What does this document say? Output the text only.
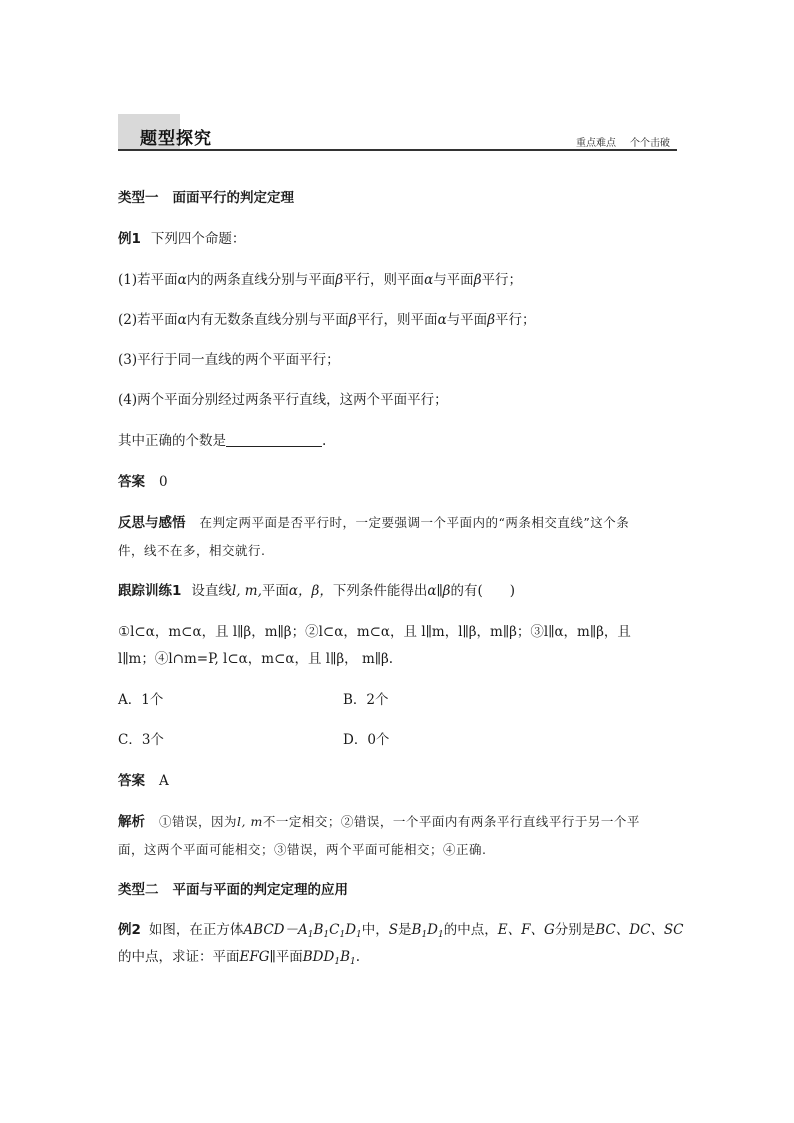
题型探究	重点难点 个个击破
类型一 面面平行的判定定理
例1 下列四个命题：
(1)若平面α内的两条直线分别与平面β平行，则平面α与平面β平行；
(2)若平面α内有无数条直线分别与平面β平行，则平面α与平面β平行；
(3)平行于同一直线的两个平面平行；
(4)两个平面分别经过两条平行直线，这两个平面平行；
其中正确的个数是	.
答案 0
反思与感悟 在判定两平面是否平行时，一定要强调一个平面内的“两条相交直线”这个条
件，线不在多，相交就行.
跟踪训练1 设直线l, m,平面α，β，下列条件能得出α∥β的有(　　)
①l⊂α，m⊂α，且 l∥β，m∥β；②l⊂α，m⊂α，且 l∥m，l∥β，m∥β；③l∥α，m∥β，且
l∥m；④l∩m=P, l⊂α，m⊂α，且 l∥β， m∥β.
A．1个	B．2个
C．3个	D．0个
答案 A
解析 ①错误，因为l, m不一定相交；②错误，一个平面内有两条平行直线平行于另一个平
面，这两个平面可能相交；③错误，两个平面可能相交；④正确.
类型二 平面与平面的判定定理的应用
例2 如图，在正方体$ABCD-A_1B_1C_1D_1$中，S是$B_1D_1$的中点，E、F、G分别是BC、DC、SC
的中点，求证：平面EFG∥平面$BDD_1B_1$.
